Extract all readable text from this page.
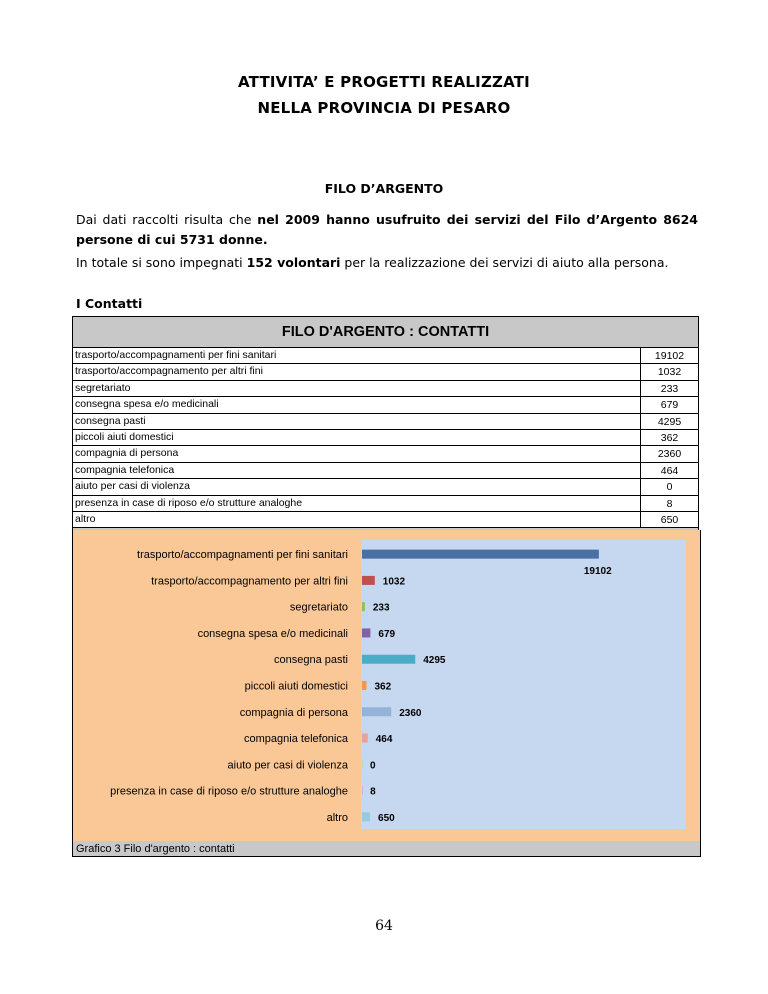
ATTIVITA’ E PROGETTI REALIZZATI
NELLA PROVINCIA DI PESARO
FILO D’ARGENTO
Dai dati raccolti risulta che nel 2009 hanno usufruito dei servizi del Filo d’Argento 8624 persone di cui 5731 donne.
In totale si sono impegnati 152 volontari per la realizzazione dei servizi di aiuto alla persona.
I Contatti
FILO D'ARGENTO : CONTATTI
trasporto/accompagnamenti per fini sanitari	19102
trasporto/accompagnamento per altri fini	1032
segretariato	233
consegna spesa e/o medicinali	679
consegna pasti	4295
piccoli aiuti domestici	362
compagnia di persona	2360
compagnia telefonica	464
aiuto per casi di violenza	0
presenza in case di riposo e/o strutture analoghe	8
altro	650
trasporto/accompagnamenti per fini sanitari
19102
trasporto/accompagnamento per altri fini	1032
segretariato 233
consegna spesa e/o medicinali	679
consegna pasti	4295
piccoli aiuti domestici	362
compagnia di persona	2360
compagnia telefonica	464
aiuto per casi di violenza 0
presenza in case di riposo e/o strutture analoghe 8
altro	650
Grafico 3 Filo d'argento : contatti
64
